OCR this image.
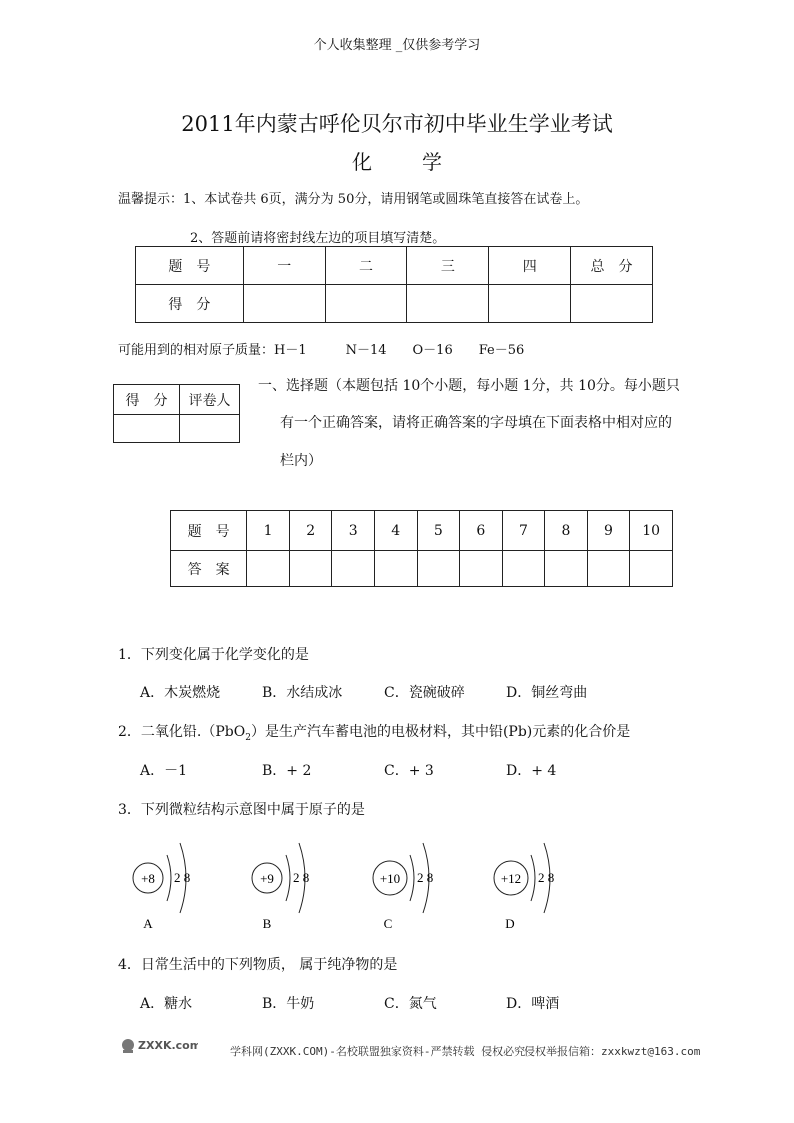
个人收集整理 _仅供参考学习
2011年内蒙古呼伦贝尔市初中毕业生学业考试
化学
温馨提示：1、本试卷共 6页，满分为 50分，请用钢笔或圆珠笔直接答在试卷上。
2、答题前请将密封线左边的项目填写清楚。
题　号	一	二	三	四	总　分
得　分					
可能用到的相对原子质量：H－1　　　N－14　　O－16　　Fe－56
得　分	评卷人

一、选择题（本题包括 10个小题，每小题 1分，共 10分。每小题只
有一个正确答案，请将正确答案的字母填在下面表格中相对应的
栏内）
题　号	1	2	3	4	5	6	7	8	9	10
答　案										
1．下列变化属于化学变化的是
A．木炭燃烧	B．水结成冰	C．瓷碗破碎	D．铜丝弯曲
2．二氧化铅.（PbO$_2$）是生产汽车蓄电池的电极材料，其中铅(Pb)元素的化合价是
A．－1	B．+ 2	C．+ 3	D．+ 4
3．下列微粒结构示意图中属于原子的是
+8 2 8
A
+9 2 8
B
+10 2 8
C
+12 2 8
D
4．日常生活中的下列物质， 属于纯净物的是
A．糖水	B．牛奶	C．氮气	D．啤酒
ZXXK.com	学科网(ZXXK.COM)-名校联盟独家资料-严禁转载 侵权必究
侵权举报信箱：zxxkwzt@163.com
